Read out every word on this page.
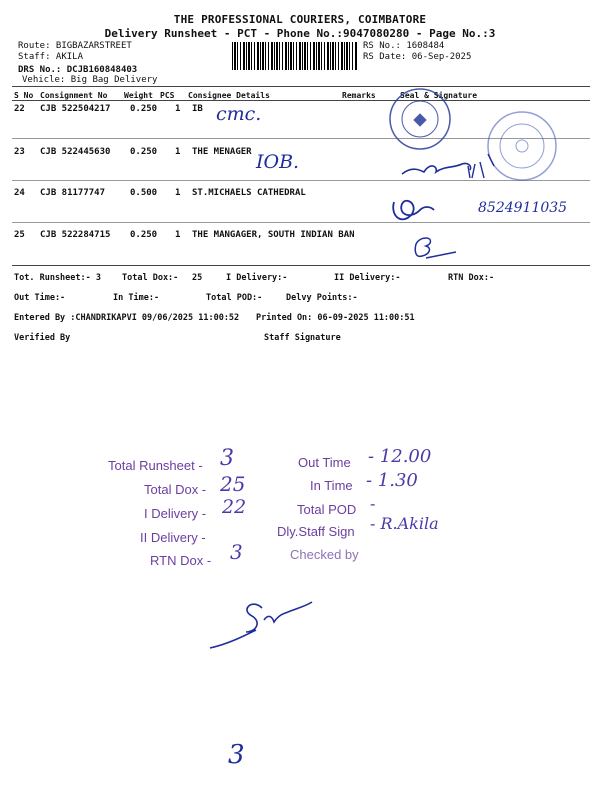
THE PROFESSIONAL COURIERS, COIMBATORE
Delivery Runsheet - PCT - Phone No.:9047080280 - Page No.:3
Route: BIGBAZARSTREET
Staff: AKILA
DRS No.: DCJB160848403
Vehicle: Big Bag Delivery
RS No.: 1608484
RS Date: 06-Sep-2025
S No Consignment No Weight PCS Consignee Details	Remarks	Seal & Signature
22 CJB 522504217 0.250 1 IB cmc.
23 CJB 522445630 0.250 1 THE MENAGER IOB.
24 CJB 81177747	0.500 1 ST.MICHAELS CATHEDRAL
8524911035
25 CJB 522284715 0.250 1 THE MANGAGER, SOUTH INDIAN BAN
Tot. Runsheet:- 3 Total Dox:- 25	I Delivery:-	II Delivery:-	RTN Dox:-
Out Time:-	In Time:-	Total POD:-	Delvy Points:-
Entered By :CHANDRIKAPVI 09/06/2025 11:00:52 Printed On: 06-09-2025 11:00:51
Verified By	Staff Signature
Total Runsheet - 3
Total Dox - 25
I Delivery - 22
II Delivery -
RTN Dox - 3
Out Time - 12.00
In Time - 1.30
Total POD -
Dly.Staff Sign - R.Akila
Checked by
3
